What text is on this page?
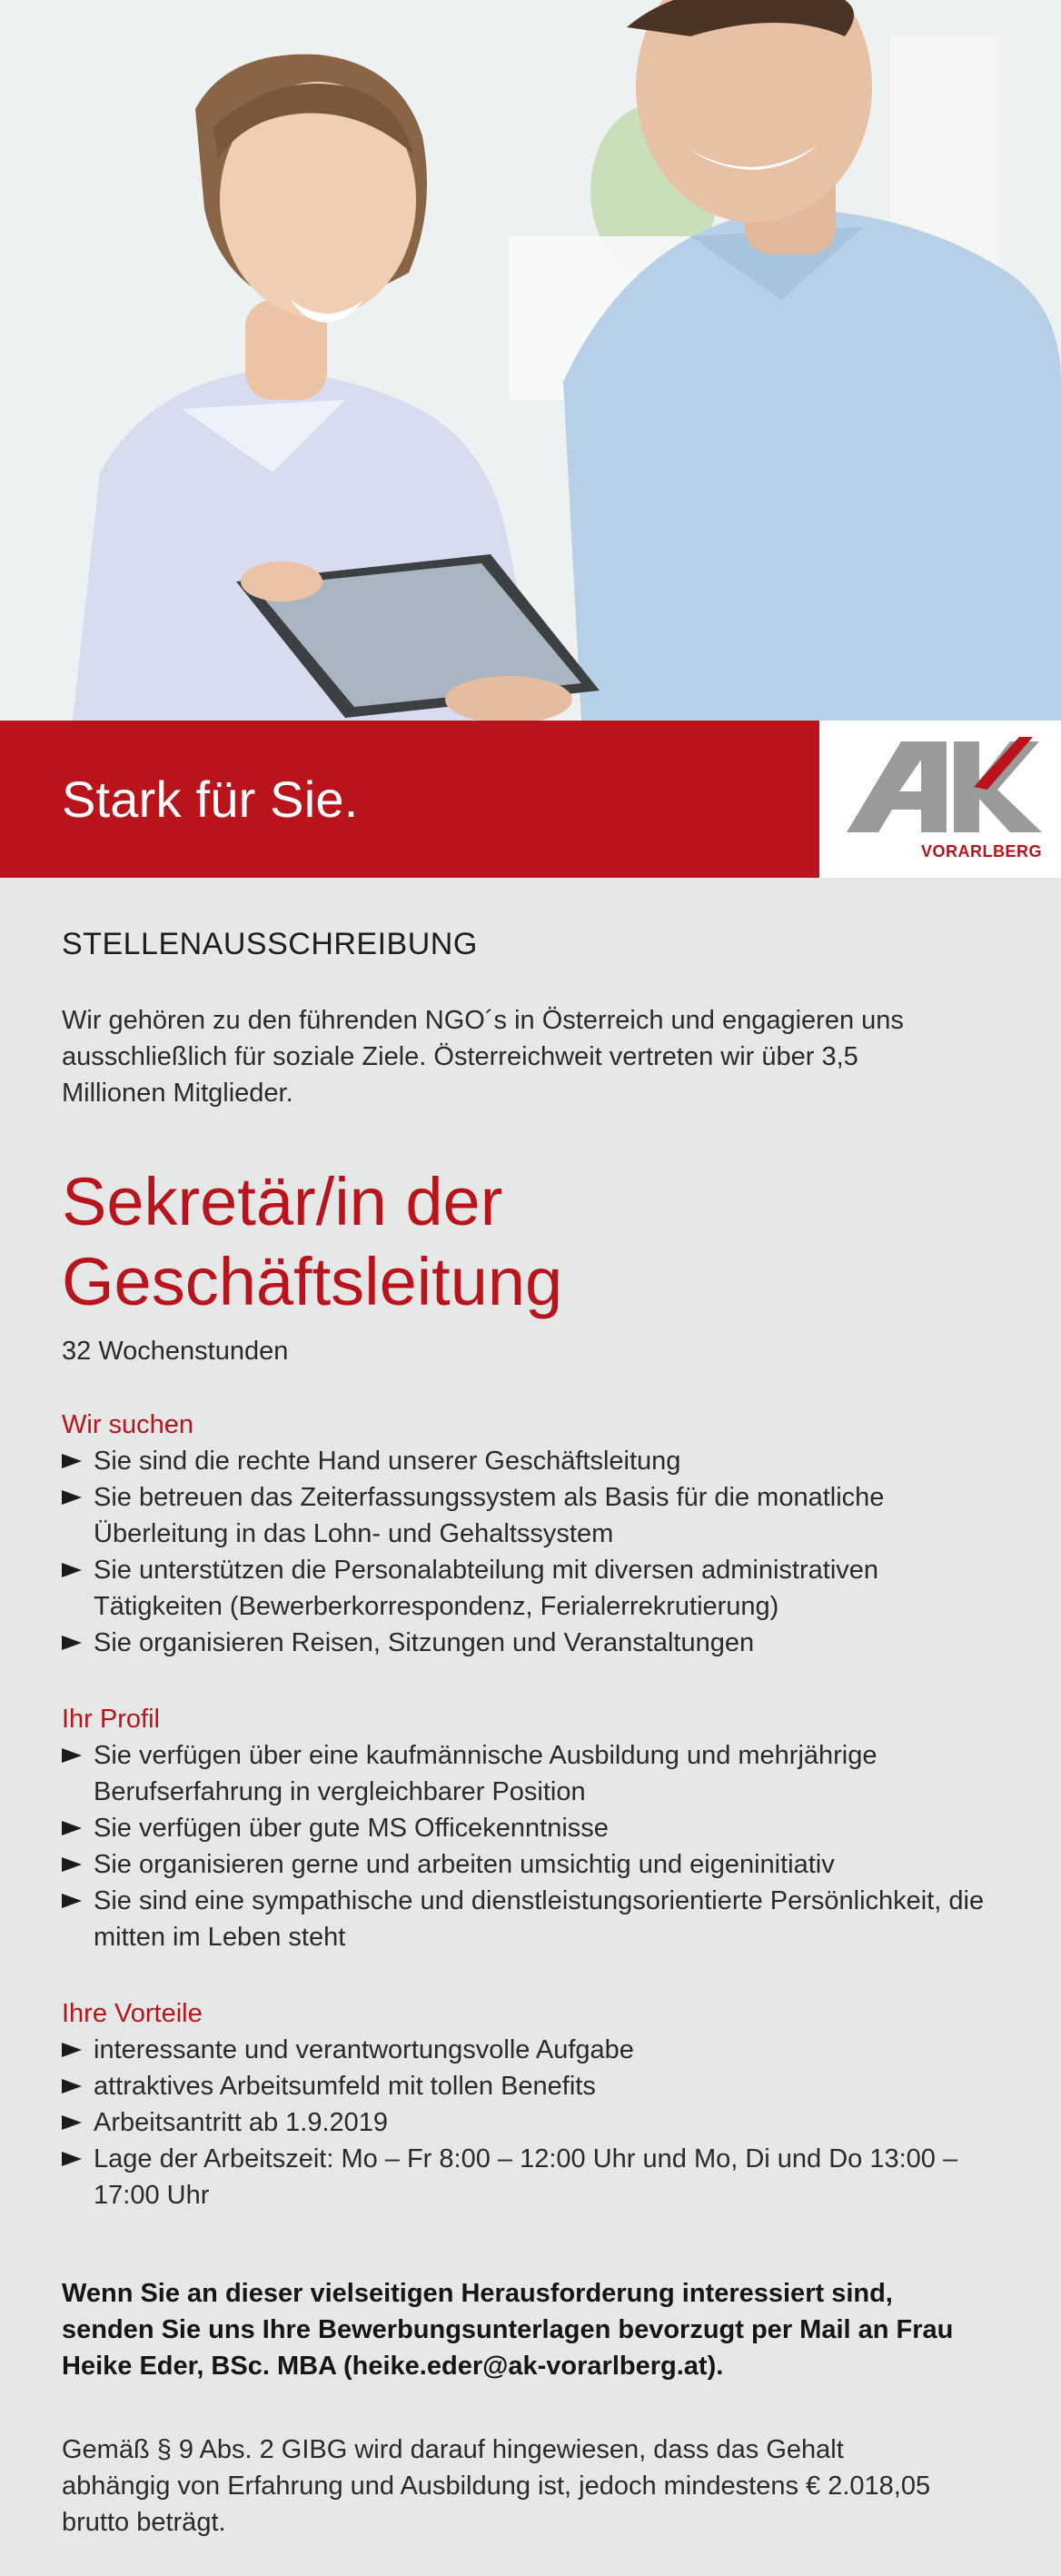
Stark für Sie.
VORARLBERG
STELLENAUSSCHREIBUNG

Wir gehören zu den führenden NGO´s in Österreich und engagieren uns ausschließlich für soziale Ziele. Österreichweit vertreten wir über 3,5 Millionen Mitglieder.

Sekretär/in der Geschäftsleitung
32 Wochenstunden
Wir suchen
Sie sind die rechte Hand unserer Geschäftsleitung
Sie betreuen das Zeiterfassungssystem als Basis für die monatliche Überleitung in das Lohn- und Gehaltssystem
Sie unterstützen die Personalabteilung mit diversen administrativen Tätigkeiten (Bewerberkorrespondenz, Ferialerrekrutierung)
Sie organisieren Reisen, Sitzungen und Veranstaltungen
Ihr Profil
Sie verfügen über eine kaufmännische Ausbildung und mehrjährige Berufserfahrung in vergleichbarer Position
Sie verfügen über gute MS Officekenntnisse
Sie organisieren gerne und arbeiten umsichtig und eigeninitiativ
Sie sind eine sympathische und dienstleistungsorientierte Persönlichkeit, die mitten im Leben steht
Ihre Vorteile
interessante und verantwortungsvolle Aufgabe
attraktives Arbeitsumfeld mit tollen Benefits
Arbeitsantritt ab 1.9.2019
Lage der Arbeitszeit: Mo – Fr 8:00 – 12:00 Uhr und Mo, Di und Do 13:00 – 17:00 Uhr

Wenn Sie an dieser vielseitigen Herausforderung interessiert sind, senden Sie uns Ihre Bewerbungsunterlagen bevorzugt per Mail an Frau Heike Eder, BSc. MBA (heike.eder@ak-vorarlberg.at).

Gemäß § 9 Abs. 2 GIBG wird darauf hingewiesen, dass das Gehalt abhängig von Erfahrung und Ausbildung ist, jedoch mindestens € 2.018,05 brutto beträgt.
